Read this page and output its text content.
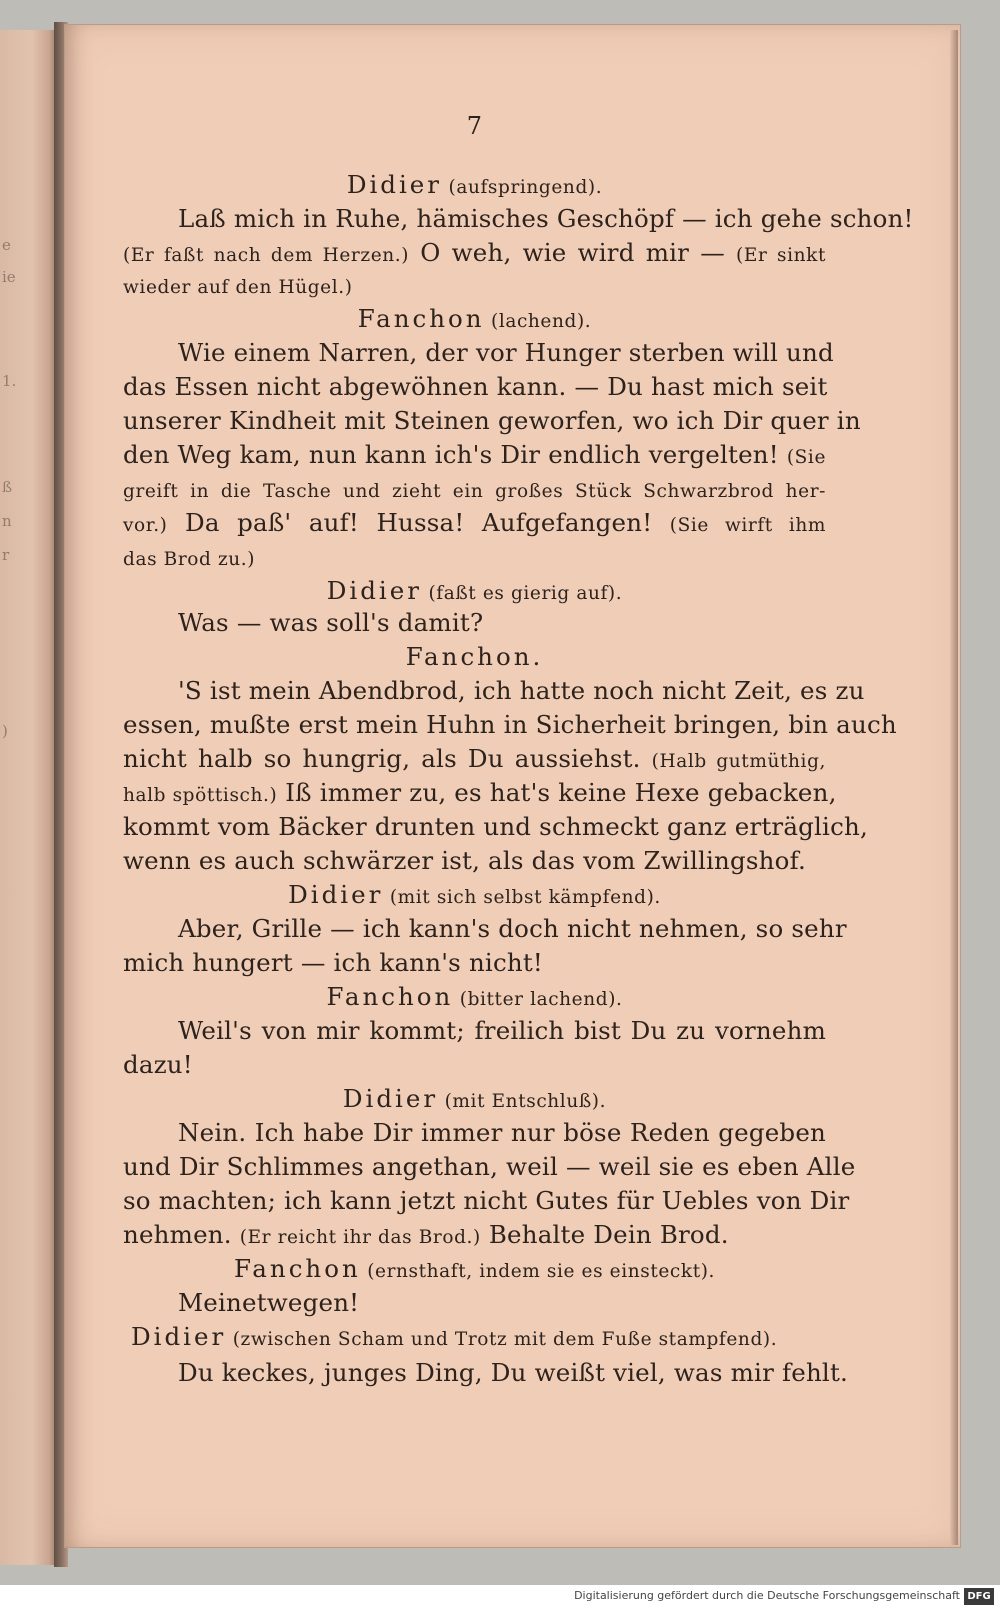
e
ie
1.
ß
n
r
)
7
Didier (aufspringend).
Laß mich in Ruhe, hämisches Geschöpf — ich gehe schon!
(Er faßt nach dem Herzen.) O weh, wie wird mir — (Er sinkt
wieder auf den Hügel.)
Fanchon (lachend).
Wie einem Narren, der vor Hunger sterben will und
das Essen nicht abgewöhnen kann. — Du hast mich seit
unserer Kindheit mit Steinen geworfen, wo ich Dir quer in
den Weg kam, nun kann ich's Dir endlich vergelten! (Sie
greift in die Tasche und zieht ein großes Stück Schwarzbrod her-
vor.) Da paß' auf! Hussa! Aufgefangen! (Sie wirft ihm
das Brod zu.)
Didier (faßt es gierig auf).
Was — was soll's damit?
Fanchon.
'S ist mein Abendbrod, ich hatte noch nicht Zeit, es zu
essen, mußte erst mein Huhn in Sicherheit bringen, bin auch
nicht halb so hungrig, als Du aussiehst. (Halb gutmüthig,
halb spöttisch.) Iß immer zu, es hat's keine Hexe gebacken,
kommt vom Bäcker drunten und schmeckt ganz erträglich,
wenn es auch schwärzer ist, als das vom Zwillingshof.
Didier (mit sich selbst kämpfend).
Aber, Grille — ich kann's doch nicht nehmen, so sehr
mich hungert — ich kann's nicht!
Fanchon (bitter lachend).
Weil's von mir kommt; freilich bist Du zu vornehm
dazu!
Didier (mit Entschluß).
Nein. Ich habe Dir immer nur böse Reden gegeben
und Dir Schlimmes angethan, weil — weil sie es eben Alle
so machten; ich kann jetzt nicht Gutes für Uebles von Dir
nehmen. (Er reicht ihr das Brod.) Behalte Dein Brod.
Fanchon (ernsthaft, indem sie es einsteckt).
Meinetwegen!
Didier (zwischen Scham und Trotz mit dem Fuße stampfend).
Du keckes, junges Ding, Du weißt viel, was mir fehlt.
Digitalisierung gefördert durch die Deutsche Forschungsgemeinschaft DFG
